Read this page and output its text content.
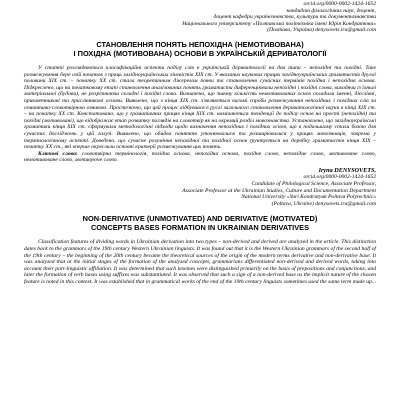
orcid.org/0000-0002-1424-1652
кандидат філологічних наук, доцент,
доцент кафедри українознавства, культури та документознавства
Національного університету «Полтавська політехніка імені Юрія Кондратюка»
(Полтава, Україна) denysovets.ira@gmail.com
СТАНОВЛЕННЯ ПОНЯТЬ НЕПОХІДНА (НЕМОТИВОВАНА)
І ПОХІДНА (МОТИВОВАНА) ОСНОВИ В УКРАЇНСЬКІЙ ДЕРИВАТОЛОГІЇ

У статті розглядаються класифікаційні аспекти поділу слів в українській дериватології на два типи – непохідні та похідні. Таке розмежування бере свій початок з праць західноукраїнських лінгвістів XIX ст. У вказаних наукових працях західноукраїнських граматистів другої половини XIX ст. – початку XX ст. стала теоретичним джерелом появи та становлення сучасних термінів похідна і непохідна основа. Підкреслено, що на початковому етапі становлення аналізованих понять граматисти диференціювали непохідні і похідні слова, виходячи із їхньої матеріальної (будови), не розрізнюючи складні і похідні слова. Визначено, що значну кількість немотивованих основ складали іменні, дієслівні, прикметникові та прислівникові основи. Виявлено, що з кінця XIX ст. з'являються вагомі спроби розмежування непохідних і похідних слів за семантико-словотвірною ознакою. Простежено, що цей процес відбувався в руслі загального становлення дериватологічної науки в кінці XIX ст. – на початку XX ст. Констатовано, що у граматичних працях кінця XIX ст. намічаються тенденції до поділу основ на прості (непохідні) та похідні (мотивовані), що відображає етап розвитку поглядів на словотвір як на окремий розділ мовознавства. Установлено, що західноукраїнські граматики кінця XIX ст. сформували методологічні підходи щодо визначення непохідних і похідних основ, що в подальшому стали базою для сучасних досліджень у цій галузі. Виявлено, що обидва поняття уточнювалися та розширювалися у працях мовознавців, зокрема у термінологічному аспекті. Доведено, що сучасне розуміння непохідної та похідної основ ґрунтується на доробку граматистів кінця XIX – початку XX ст., які вперше окреслили основні критерії розмежування цих понять.

Ключові слова: словотвірна термінологія, похідна основа, непохідна основа, похідне слово, непохідне слово, мотивоване слово, немотивоване слово, мотивуюче слово.

Iryna DENYSOVETS,
orcid.org/0000-0002-1424-1652
Candidate of Philological Science, Associate Professor,
Associate Professor at the Ukrainian Studies, Culture and Documentation Department
National University «Yuri Kondratyuk Poltava Polytechnic»
(Poltava, Ukraine) denysovets.ira@gmail.com
NON-DERIVATIVE (UNMOTIVATED) AND DERIVATIVE (MOTIVATED)
CONCEPTS BASES FORMATION IN UKRAINIAN DERIVATIVES

Classification features of dividing words in Ukrainian derivation into two types – non-derived and derived are analyzed in the article. This distinction dates back to the grammars of the 19th century Western Ukrainian linguists. It was found out that it is the Western Ukrainian grammars of the second half of the 19th century – the beginning of the 20th century became the theoretical sources of the origin of the modern terms derivative and non-derivative base. It was analyzed that at the initial stages of the formation of the analyzed concepts, grammarians differentiated non-derived and derived words, taking into account their part-linguistic affiliation. It was determined that such lexemes were distinguished primarily on the basis of prepositions and conjunctions, and later the formation of verb bases using suffixes was substantiated. It was observed that such a sign of a non-derived base as the implicit nature of the chosen feature is noted in this context. It was established that in grammatical works of the end of the 19th century linguists sometimes used the same term made up...
